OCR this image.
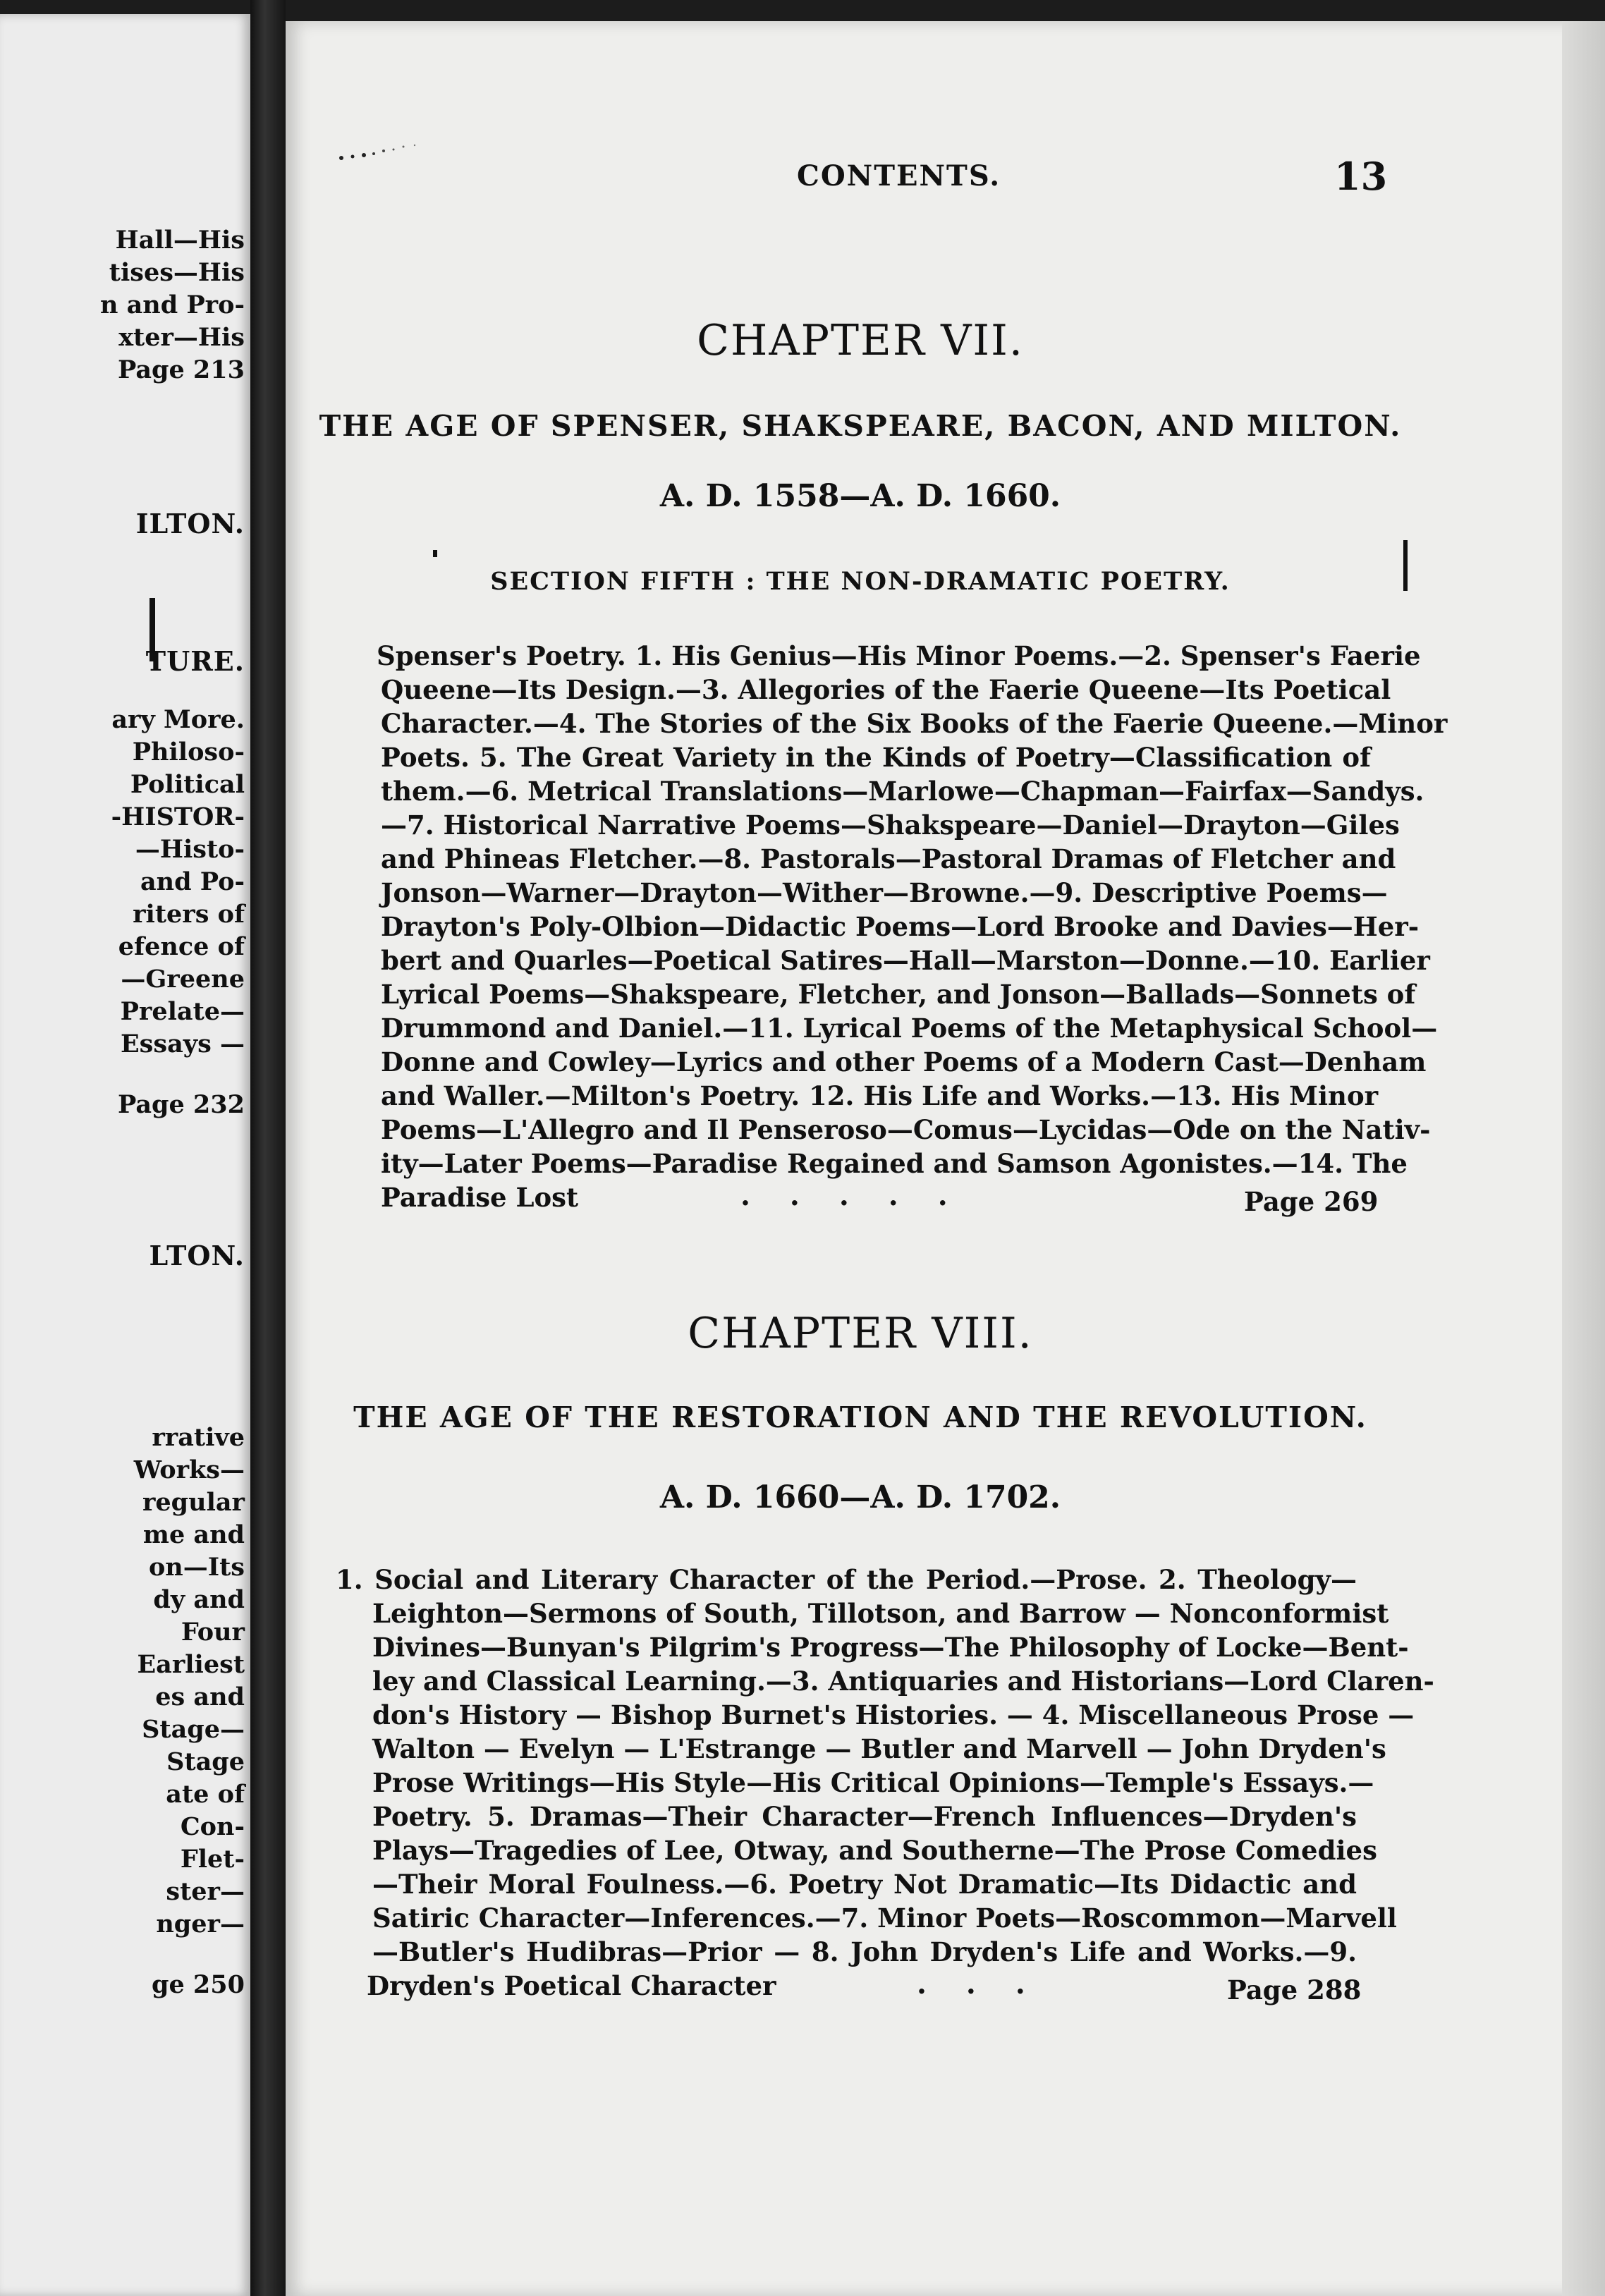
Hall—His
tises—His
n and Pro-
xter—His
Page 213
ILTON.
TURE.
ary More.
Philoso-
Political
-HISTOR-
—Histo-
and Po-
riters of
efence of
—Greene
Prelate—
Essays —
Page 232
LTON.
rrative
Works—
regular
me and
on—Its
dy and
Four
Earliest
es and
Stage—
Stage
ate of
Con-
Flet-
ster—
nger—
ge 250
CONTENTS.	13
CHAPTER VII.
THE AGE OF SPENSER, SHAKSPEARE, BACON, AND MILTON.
A. D. 1558—A. D. 1660.
SECTION FIFTH : THE NON-DRAMATIC POETRY.
Spenser's Poetry. 1. His Genius—His Minor Poems.—2. Spenser's Faerie
Queene—Its Design.—3. Allegories of the Faerie Queene—Its Poetical
Character.—4. The Stories of the Six Books of the Faerie Queene.—Minor
Poets. 5. The Great Variety in the Kinds of Poetry—Classification of
them.—6. Metrical Translations—Marlowe—Chapman—Fairfax—Sandys.
—7. Historical Narrative Poems—Shakspeare—Daniel—Drayton—Giles
and Phineas Fletcher.—8. Pastorals—Pastoral Dramas of Fletcher and
Jonson—Warner—Drayton—Wither—Browne.—9. Descriptive Poems—
Drayton's Poly-Olbion—Didactic Poems—Lord Brooke and Davies—Her-
bert and Quarles—Poetical Satires—Hall—Marston—Donne.—10. Earlier
Lyrical Poems—Shakspeare, Fletcher, and Jonson—Ballads—Sonnets of
Drummond and Daniel.—11. Lyrical Poems of the Metaphysical School—
Donne and Cowley—Lyrics and other Poems of a Modern Cast—Denham
and Waller.—Milton's Poetry. 12. His Life and Works.—13. His Minor
Poems—L'Allegro and Il Penseroso—Comus—Lycidas—Ode on the Nativ-
ity—Later Poems—Paradise Regained and Samson Agonistes.—14. The
Paradise Lost	.....	Page 269
CHAPTER VIII.
THE AGE OF THE RESTORATION AND THE REVOLUTION.
A. D. 1660—A. D. 1702.
1. Social and Literary Character of the Period.—Prose. 2. Theology—
Leighton—Sermons of South, Tillotson, and Barrow — Nonconformist
Divines—Bunyan's Pilgrim's Progress—The Philosophy of Locke—Bent-
ley and Classical Learning.—3. Antiquaries and Historians—Lord Claren-
don's History — Bishop Burnet's Histories. — 4. Miscellaneous Prose —
Walton — Evelyn — L'Estrange — Butler and Marvell — John Dryden's
Prose Writings—His Style—His Critical Opinions—Temple's Essays.—
Poetry. 5. Dramas—Their Character—French Influences—Dryden's
Plays—Tragedies of Lee, Otway, and Southerne—The Prose Comedies
—Their Moral Foulness.—6. Poetry Not Dramatic—Its Didactic and
Satiric Character—Inferences.—7. Minor Poets—Roscommon—Marvell
—Butler's Hudibras—Prior — 8. John Dryden's Life and Works.—9.
Dryden's Poetical Character	...	Page 288
